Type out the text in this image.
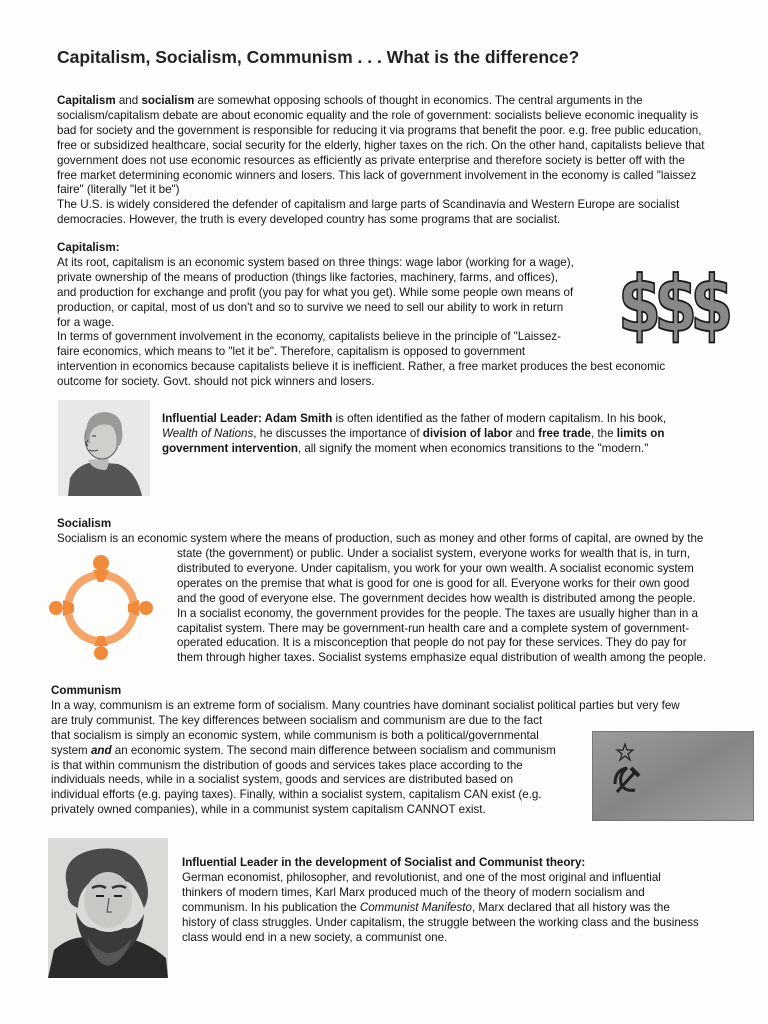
Capitalism, Socialism, Communism . . . What is the difference?
Capitalism and socialism are somewhat opposing schools of thought in economics. The central arguments in the
socialism/capitalism debate are about economic equality and the role of government: socialists believe economic inequality is
bad for society and the government is responsible for reducing it via programs that benefit the poor. e.g. free public education,
free or subsidized healthcare, social security for the elderly, higher taxes on the rich. On the other hand, capitalists believe that
government does not use economic resources as efficiently as private enterprise and therefore society is better off with the
free market determining economic winners and losers. This lack of government involvement in the economy is called "laissez
faire" (literally "let it be")
The U.S. is widely considered the defender of capitalism and large parts of Scandinavia and Western Europe are socialist
democracies. However, the truth is every developed country has some programs that are socialist.
Capitalism:
At its root, capitalism is an economic system based on three things: wage labor (working for a wage),
private ownership of the means of production (things like factories, machinery, farms, and offices),
and production for exchange and profit (you pay for what you get). While some people own means of
production, or capital, most of us don't and so to survive we need to sell our ability to work in return
for a wage.
In terms of government involvement in the economy, capitalists believe in the principle of "Laissez-
faire economics, which means to "let it be". Therefore, capitalism is opposed to government
intervention in economics because capitalists believe it is inefficient. Rather, a free market produces the best economic
outcome for society. Govt. should not pick winners and losers.
$$$
Influential Leader: Adam Smith is often identified as the father of modern capitalism. In his book,
Wealth of Nations, he discusses the importance of division of labor and free trade, the limits on
government intervention, all signify the moment when economics transitions to the "modern."
Socialism
Socialism is an economic system where the means of production, such as money and other forms of capital, are owned by the
state (the government) or public. Under a socialist system, everyone works for wealth that is, in turn,
distributed to everyone. Under capitalism, you work for your own wealth. A socialist economic system
operates on the premise that what is good for one is good for all. Everyone works for their own good
and the good of everyone else. The government decides how wealth is distributed among the people.
In a socialist economy, the government provides for the people. The taxes are usually higher than in a
capitalist system. There may be government-run health care and a complete system of government-
operated education. It is a misconception that people do not pay for these services. They do pay for
them through higher taxes. Socialist systems emphasize equal distribution of wealth among the people.
Communism
In a way, communism is an extreme form of socialism. Many countries have dominant socialist political parties but very few
are truly communist. The key differences between socialism and communism are due to the fact
that socialism is simply an economic system, while communism is both a political/governmental
system and an economic system. The second main difference between socialism and communism
is that within communism the distribution of goods and services takes place according to the
individuals needs, while in a socialist system, goods and services are distributed based on
individual efforts (e.g. paying taxes). Finally, within a socialist system, capitalism CAN exist (e.g.
privately owned companies), while in a communist system capitalism CANNOT exist.
Influential Leader in the development of Socialist and Communist theory:
German economist, philosopher, and revolutionist, and one of the most original and influential
thinkers of modern times, Karl Marx produced much of the theory of modern socialism and
communism. In his publication the Communist Manifesto, Marx declared that all history was the
history of class struggles. Under capitalism, the struggle between the working class and the business
class would end in a new society, a communist one.
